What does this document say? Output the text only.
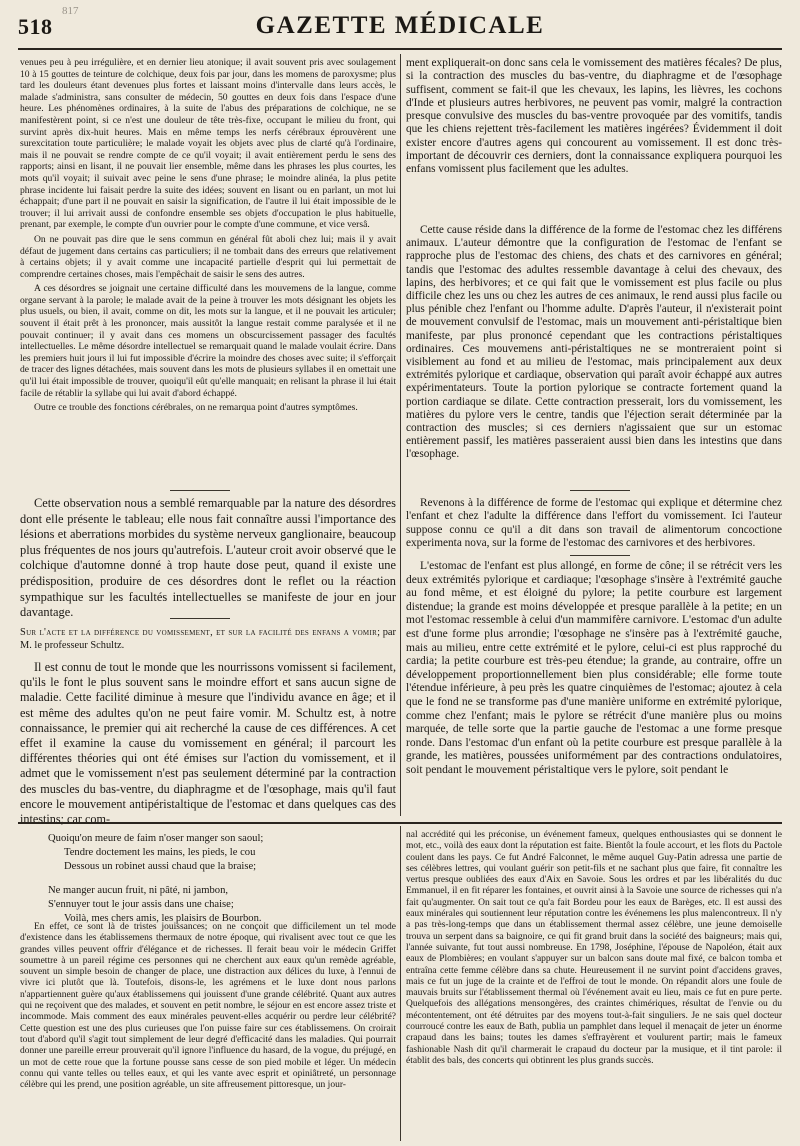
518
817
GAZETTE MÉDICALE

venues peu à peu irrégulière, et en dernier lieu atonique; il avait souvent pris avec soulagement 10 à 15 gouttes de teinture de colchique, deux fois par jour, dans les momens de paroxysme; plus tard les douleurs étant devenues plus fortes et laissant moins d'intervalle dans leurs accès, le malade s'administra, sans consulter de médecin, 50 gouttes en deux fois dans l'espace d'une heure. Les phénomènes ordinaires, à la suite de l'abus des préparations de colchique, ne se manifestèrent point, si ce n'est une douleur de tête très-fixe, occupant le milieu du front, qui survint après dix-huit heures. Mais en même temps les nerfs cérébraux éprouvèrent une surexcitation toute particulière; le malade voyait les objets avec plus de clarté qu'à l'ordinaire, mais il ne pouvait se rendre compte de ce qu'il voyait; il avait entièrement perdu le sens des rapports; ainsi en lisant, il ne pouvait lier ensemble, même dans les phrases les plus courtes, les mots qu'il voyait; il suivait avec peine le sens d'une phrase; le moindre alinéa, la plus petite phrase incidente lui faisait perdre la suite des idées; souvent en lisant ou en parlant, un mot lui échappait; d'une part il ne pouvait en saisir la signification, de l'autre il lui était impossible de le trouver; il lui arrivait aussi de confondre ensemble ses objets d'occupation le plus habituelle, prenant, par exemple, le compte d'un ouvrier pour le compte d'une commune, et vice versâ.

On ne pouvait pas dire que le sens commun en général fût aboli chez lui; mais il y avait défaut de jugement dans certains cas particuliers; il ne tombait dans des erreurs que relativement à certains objets; il y avait comme une incapacité partielle d'esprit qui lui permettait de comprendre certaines choses, mais l'empêchait de saisir le sens des autres.

A ces désordres se joignait une certaine difficulté dans les mouvemens de la langue, comme organe servant à la parole; le malade avait de la peine à trouver les mots désignant les objets les plus usuels, ou bien, il avait, comme on dit, les mots sur la langue, et il ne pouvait les articuler; souvent il était prêt à les prononcer, mais aussitôt la langue restait comme paralysée et il ne pouvait continuer; il y avait dans ces momens un obscurcissement passager des facultés intellectuelles. Le même désordre intellectuel se remarquait quand le malade voulait écrire. Dans les premiers huit jours il lui fut impossible d'écrire la moindre des choses avec suite; il s'efforçait de tracer des lignes détachées, mais souvent dans les mots de plusieurs syllabes il en omettait une qu'il lui était impossible de trouver, quoiqu'il eût qu'elle manquait; en relisant la phrase il lui était facile de rétablir la syllabe qui lui avait d'abord échappé.

Outre ce trouble des fonctions cérébrales, on ne remarqua point d'autres symptômes.

Cette observation nous a semblé remarquable par la nature des désordres dont elle présente le tableau; elle nous fait connaître aussi l'importance des lésions et aberrations morbides du système nerveux ganglionaire, beaucoup plus fréquentes de nos jours qu'autrefois. L'auteur croit avoir observé que le colchique d'automne donné à trop haute dose peut, quand il existe une prédisposition, produire de ces désordres dont le reflet ou la réaction sympathique sur les facultés intellectuelles se manifeste de jour en jour davantage.

Sur l'acte et la différence du vomissement, et sur la facilité des enfans a vomir; par M. le professeur Schultz.

Il est connu de tout le monde que les nourrissons vomissent si facilement, qu'ils le font le plus souvent sans le moindre effort et sans aucun signe de maladie. Cette facilité diminue à mesure que l'individu avance en âge; et il est même des adultes qu'on ne peut faire vomir. M. Schultz est, à notre connaissance, le premier qui ait recherché la cause de ces différences. A cet effet il examine la cause du vomissement en général; il parcourt les différentes théories qui ont été émises sur l'action du vomissement, et il admet que le vomissement n'est pas seulement déterminé par la contraction des muscles du bas-ventre, du diaphragme et de l'œsophage, mais qu'il faut encore le mouvement antipéristaltique de l'estomac et dans quelques cas des intestins; car com-

ment expliquerait-on donc sans cela le vomissement des matières fécales? De plus, si la contraction des muscles du bas-ventre, du diaphragme et de l'œsophage suffisent, comment se fait-il que les chevaux, les lapins, les lièvres, les cochons d'Inde et plusieurs autres herbivores, ne peuvent pas vomir, malgré la contraction presque convulsive des muscles du bas-ventre provoquée par des vomitifs, tandis que les chiens rejettent très-facilement les matières ingérées? Évidemment il doit exister encore d'autres agens qui concourent au vomissement. Il est donc très-important de découvrir ces derniers, dont la connaissance expliquera pourquoi les enfans vomissent plus facilement que les adultes.

Cette cause réside dans la différence de la forme de l'estomac chez les différens animaux. L'auteur démontre que la configuration de l'estomac de l'enfant se rapproche plus de l'estomac des chiens, des chats et des carnivores en général; tandis que l'estomac des adultes ressemble davantage à celui des chevaux, des lapins, des herbivores; et ce qui fait que le vomissement est plus facile ou plus difficile chez les uns ou chez les autres de ces animaux, le rend aussi plus facile ou plus pénible chez l'enfant ou l'homme adulte. D'après l'auteur, il n'existerait point de mouvement convulsif de l'estomac, mais un mouvement anti-péristaltique bien manifeste, par plus prononcé cependant que les contractions péristaltiques ordinaires. Ces mouvemens anti-péristaltiques ne se montreraient point si visiblement au fond et au milieu de l'estomac, mais principalement aux deux extrémités pylorique et cardiaque, observation qui paraît avoir échappé aux autres expérimentateurs. Toute la portion pylorique se contracte fortement quand la portion cardiaque se dilate. Cette contraction presserait, lors du vomissement, les matières du pylore vers le centre, tandis que l'éjection serait déterminée par la contraction des muscles; si ces derniers n'agissaient que sur un estomac entièrement passif, les matières passeraient aussi bien dans les intestins que dans l'œsophage.

Revenons à la différence de forme de l'estomac qui explique et détermine chez l'enfant et chez l'adulte la différence dans l'effort du vomissement. Ici l'auteur suppose connu ce qu'il a dit dans son travail de alimentorum concoctione experimenta nova, sur la forme de l'estomac des carnivores et des herbivores.

L'estomac de l'enfant est plus allongé, en forme de cône; il se rétrécit vers les deux extrémités pylorique et cardiaque; l'œsophage s'insère à l'extrémité gauche au fond même, et est éloigné du pylore; la petite courbure est largement distendue; la grande est moins développée et presque parallèle à la petite; en un mot l'estomac ressemble à celui d'un mammifère carnivore. L'estomac d'un adulte est d'une forme plus arrondie; l'œsophage ne s'insère pas à l'extrémité gauche, mais au milieu, entre cette extrémité et le pylore, celui-ci est plus rapproché du cardia; la petite courbure est très-peu étendue; la grande, au contraire, offre un développement proportionnellement bien plus considérable; elle forme toute l'étendue inférieure, à peu près les quatre cinquièmes de l'estomac; ajoutez à cela que le fond ne se transforme pas d'une manière uniforme en extrémité pylorique, comme chez l'enfant; mais le pylore se rétrécit d'une manière plus ou moins marquée, de telle sorte que la partie gauche de l'estomac a une forme presque ronde. Dans l'estomac d'un enfant où la petite courbure est presque parallèle à la grande, les matières, poussées uniformément par des contractions ondulatoires, soit pendant le mouvement péristaltique vers le pylore, soit pendant le

Quoiqu'on meure de faim n'oser manger son saoul;
Tendre doctement les mains, les pieds, le cou
Dessous un robinet aussi chaud que la braise;
Ne manger aucun fruit, ni pâté, ni jambon,
S'ennuyer tout le jour assis dans une chaise;
Voilà, mes chers amis, les plaisirs de Bourbon.

En effet, ce sont là de tristes jouissances; on ne conçoit que difficilement un tel mode d'existence dans les établissemens thermaux de notre époque, qui rivalisent avec tout ce que les grandes villes peuvent offrir d'élégance et de richesses. Il ferait beau voir le médecin Griffet soumettre à un pareil régime ces personnes qui ne cherchent aux eaux qu'un remède agréable, souvent un simple besoin de changer de place, une distraction aux délices du luxe, à l'ennui de vivre ici plutôt que là. Toutefois, disons-le, les agrémens et le luxe dont nous parlons n'appartiennent guère qu'aux établissemens qui jouissent d'une grande célébrité. Quant aux autres qui ne reçoivent que des malades, et souvent en petit nombre, le séjour en est encore assez triste et incommode. Mais comment des eaux minérales peuvent-elles acquérir ou perdre leur célébrité? Cette question est une des plus curieuses que l'on puisse faire sur ces établissemens. On croirait tout d'abord qu'il s'agit tout simplement de leur degré d'efficacité dans les maladies. Qui pourrait donner une pareille erreur prouverait qu'il ignore l'influence du hasard, de la vogue, du préjugé, en un mot de cette roue que la fortune pousse sans cesse de son pied mobile et léger. Un médecin connu qui vante telles ou telles eaux, et qui les vante avec esprit et opiniâtreté, un personnage célèbre qui les prend, une position agréable, un site affreusement pittoresque, un jour-

nal accrédité qui les préconise, un événement fameux, quelques enthousiastes qui se donnent le mot, etc., voilà des eaux dont la réputation est faite. Bientôt la foule accourt, et les flots du Pactole coulent dans les pays. Ce fut André Falconnet, le même auquel Guy-Patin adressa une partie de ses célèbres lettres, qui voulant guérir son petit-fils et ne sachant plus que faire, fit connaître les vertus presque oubliées des eaux d'Aix en Savoie. Sous les ordres et par les libéralités du duc Emmanuel, il en fit réparer les fontaines, et ouvrit ainsi à la Savoie une source de richesses qui n'a fait qu'augmenter. On sait tout ce qu'a fait Bordeu pour les eaux de Barèges, etc. Il est aussi des eaux minérales qui soutiennent leur réputation contre les événemens les plus malencontreux. Il n'y a pas très-long-temps que dans un établissement thermal assez célèbre, une jeune demoiselle trouva un serpent dans sa baignoire, ce qui fit grand bruit dans la société des baigneurs; mais qui, l'année suivante, fut tout aussi nombreuse. En 1798, Joséphine, l'épouse de Napoléon, était aux eaux de Plombières; en voulant s'appuyer sur un balcon sans doute mal fixé, ce balcon tomba et entraîna cette femme célèbre dans sa chute. Heureusement il ne survint point d'accidens graves, mais ce fut un juge de la crainte et de l'effroi de tout le monde. On répandit alors une foule de mauvais bruits sur l'établissement thermal où l'événement avait eu lieu, mais ce fut en pure perte. Quelquefois des allégations mensongères, des craintes chimériques, résultat de l'envie ou du mécontentement, ont été détruites par des moyens tout-à-fait singuliers. Je ne sais quel docteur courroucé contre les eaux de Bath, publia un pamphlet dans lequel il menaçait de jeter un énorme crapaud dans les bains; toutes les dames s'effrayèrent et voulurent partir; mais le fameux fashionable Nash dit qu'il charmerait le crapaud du docteur par la musique, et il tint parole: il établit des bals, des concerts qui obtinrent les plus grands succès.
